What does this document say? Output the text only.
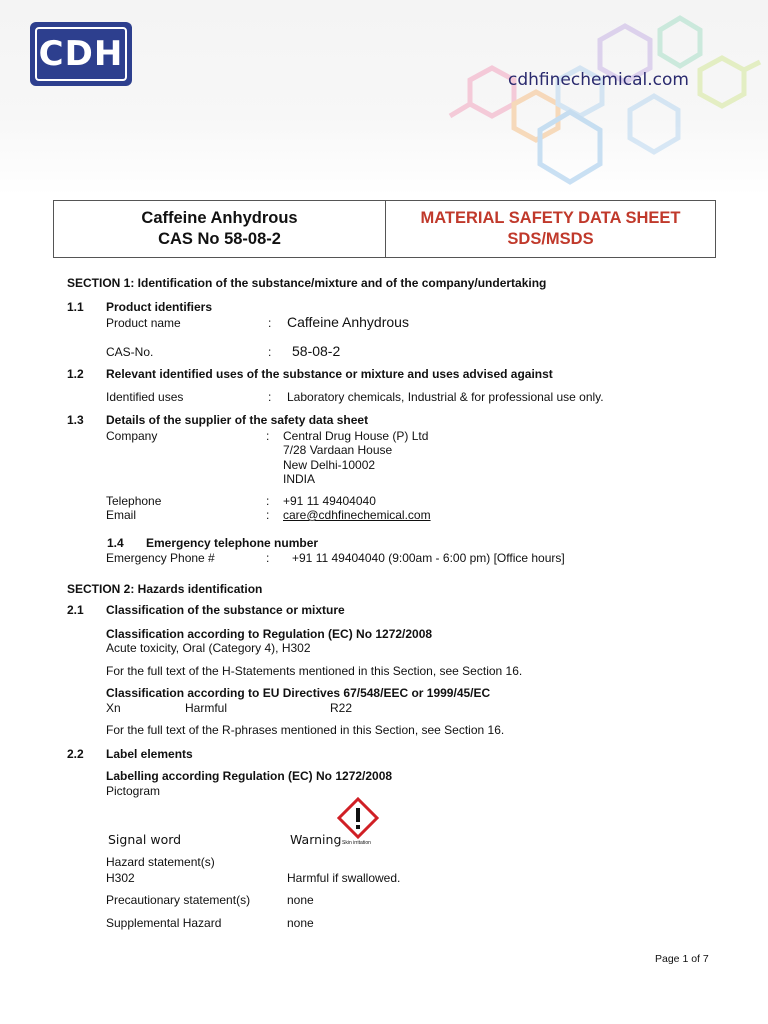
CDH
cdhfinechemical.com
Caffeine Anhydrous
CAS No 58-08-2
MATERIAL SAFETY DATA SHEET
SDS/MSDS
SECTION 1: Identification of the substance/mixture and of the company/undertaking
1.1 Product identifiers
Product name	: Caffeine Anhydrous
CAS-No.	: 58-08-2
1.2 Relevant identified uses of the substance or mixture and uses advised against
Identified uses	: Laboratory chemicals, Industrial & for professional use only.
1.3 Details of the supplier of the safety data sheet
Company	: Central Drug House (P) Ltd
7/28 Vardaan House
New Delhi-10002
INDIA
Telephone	: +91 11 49404040
Email	: care@cdhfinechemical.com
1.4 Emergency telephone number
Emergency Phone #	: +91 11 49404040 (9:00am - 6:00 pm) [Office hours]
SECTION 2: Hazards identification
2.1 Classification of the substance or mixture
Classification according to Regulation (EC) No 1272/2008
Acute toxicity, Oral (Category 4), H302
For the full text of the H-Statements mentioned in this Section, see Section 16.
Classification according to EU Directives 67/548/EEC or 1999/45/EC
Xn	Harmful	R22
For the full text of the R-phrases mentioned in this Section, see Section 16.
2.2 Label elements
Labelling according Regulation (EC) No 1272/2008
Pictogram
Signal word	Warning Skin irritation
Hazard statement(s)
H302	Harmful if swallowed.
Precautionary statement(s)	none
Supplemental Hazard	none
Page 1 of 7
